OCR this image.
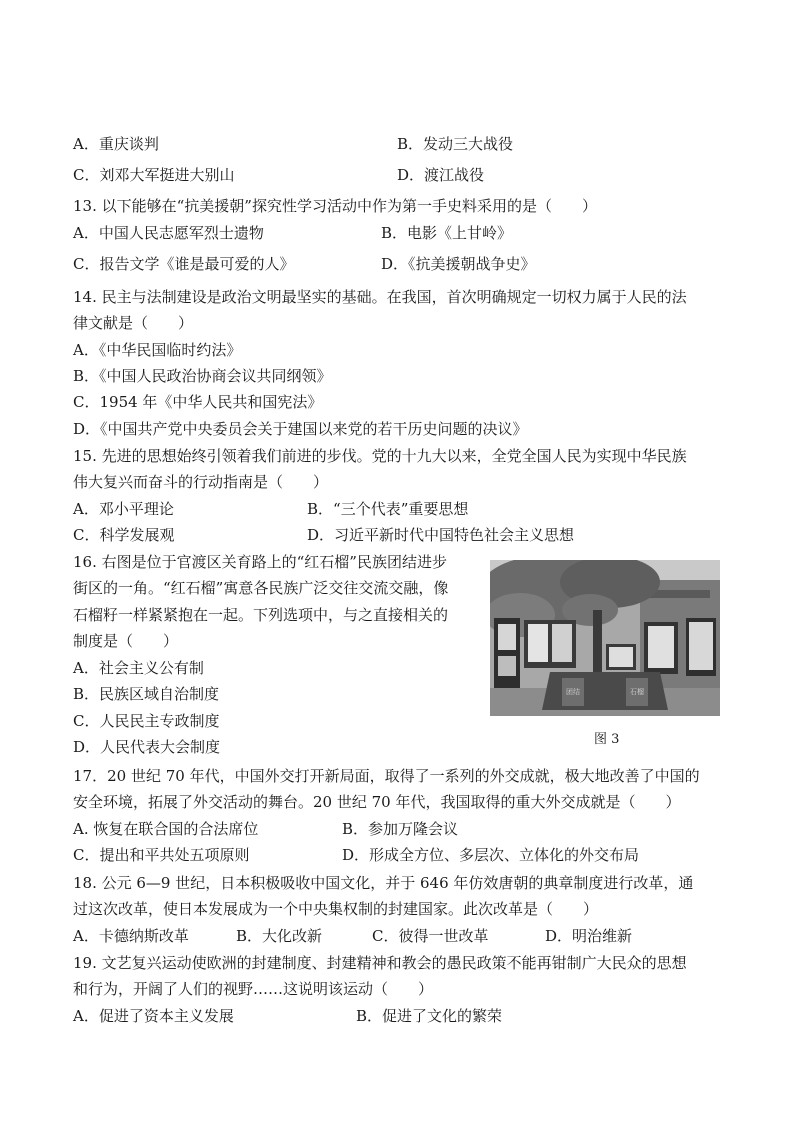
A．重庆谈判	B．发动三大战役
C．刘邓大军挺进大别山	D．渡江战役
13. 以下能够在“抗美援朝”探究性学习活动中作为第一手史料采用的是（　　）
A．中国人民志愿军烈士遗物	B．电影《上甘岭》
C．报告文学《谁是最可爱的人》	D．《抗美援朝战争史》
14. 民主与法制建设是政治文明最坚实的基础。在我国，首次明确规定一切权力属于人民的法
律文献是（　　）
A．《中华民国临时约法》
B．《中国人民政治协商会议共同纲领》
C．1954 年《中华人民共和国宪法》
D．《中国共产党中央委员会关于建国以来党的若干历史问题的决议》
15. 先进的思想始终引领着我们前进的步伐。党的十九大以来，全党全国人民为实现中华民族
伟大复兴而奋斗的行动指南是（　　）
A．邓小平理论	B．“三个代表”重要思想
C．科学发展观	D．习近平新时代中国特色社会主义思想
16. 右图是位于官渡区关育路上的“红石榴”民族团结进步
街区的一角。“红石榴”寓意各民族广泛交往交流交融，像
石榴籽一样紧紧抱在一起。下列选项中，与之直接相关的
制度是（　　）
A．社会主义公有制
B．民族区域自治制度
C．人民民主专政制度
D．人民代表大会制度
团结	石榴
图 3
17．20 世纪 70 年代，中国外交打开新局面，取得了一系列的外交成就，极大地改善了中国的
安全环境，拓展了外交活动的舞台。20 世纪 70 年代，我国取得的重大外交成就是（　　）
A. 恢复在联合国的合法席位	B．参加万隆会议
C．提出和平共处五项原则	D．形成全方位、多层次、立体化的外交布局
18. 公元 6—9 世纪，日本积极吸收中国文化，并于 646 年仿效唐朝的典章制度进行改革，通
过这次改革，使日本发展成为一个中央集权制的封建国家。此次改革是（　　）
A．卡德纳斯改革	B．大化改新	C．彼得一世改革	D．明治维新
19. 文艺复兴运动使欧洲的封建制度、封建精神和教会的愚民政策不能再钳制广大民众的思想
和行为，开阔了人们的视野……这说明该运动（　　）
A．促进了资本主义发展	B．促进了文化的繁荣
